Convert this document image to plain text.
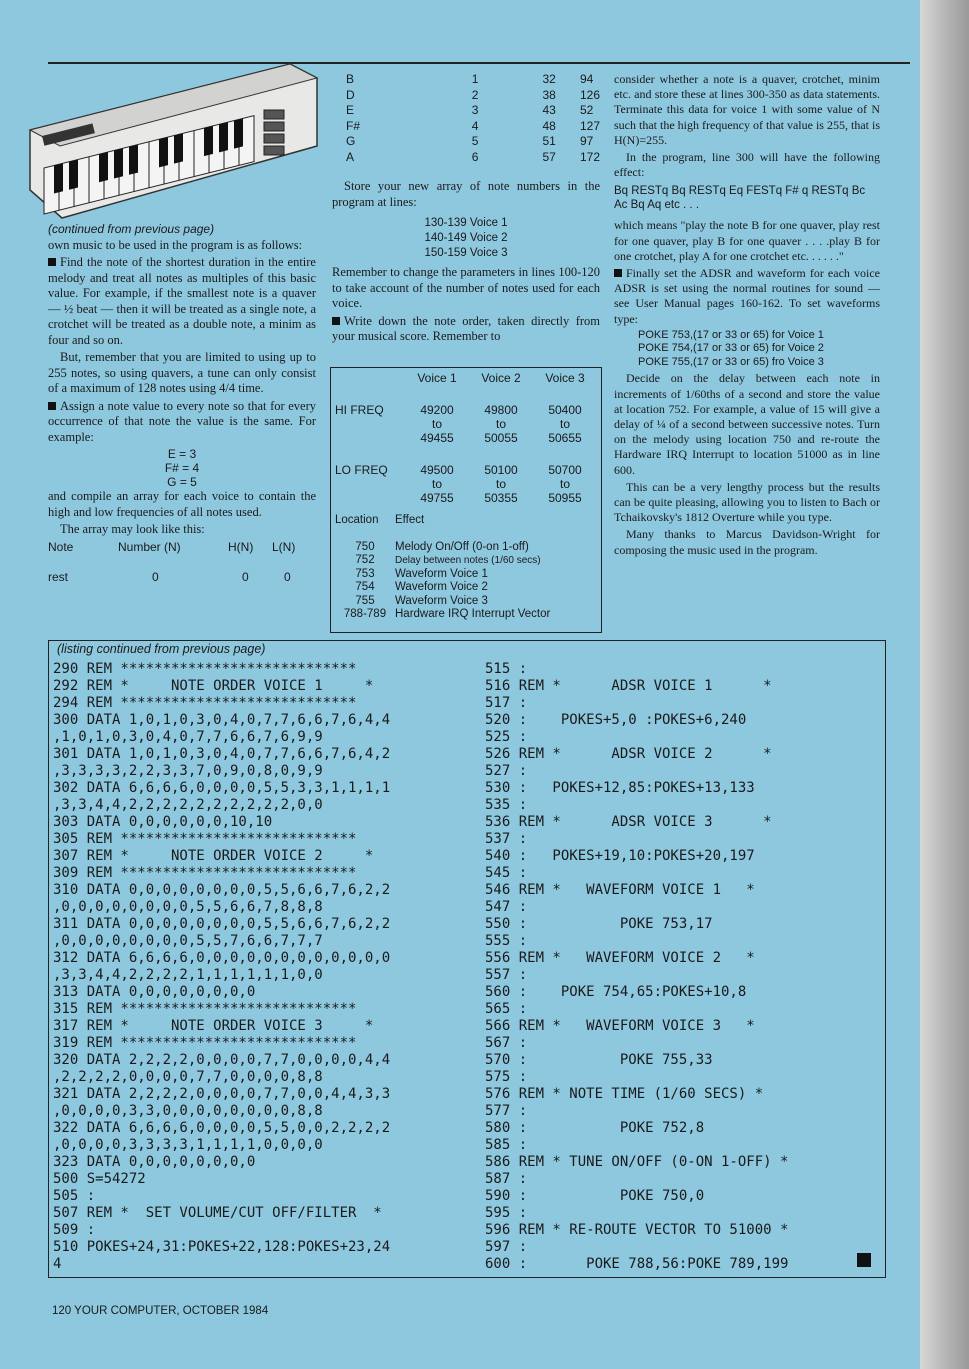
(continued from previous page)

own music to be used in the program is as follows:

Find the note of the shortest duration in the entire melody and treat all notes as multiples of this basic value. For example, if the smallest note is a quaver — ½ beat — then it will be treated as a single note, a crotchet will be treated as a double note, a minim as four and so on.

But, remember that you are limited to using up to 255 notes, so using quavers, a tune can only consist of a maximum of 128 notes using 4/4 time.

Assign a note value to every note so that for every occurrence of that note the value is the same. For example:

E = 3
F# = 4
G = 5

and compile an array for each voice to contain the high and low frequencies of all notes used.

The array may look like this:

Note	Number (N)	H(N)	L(N)
rest	0	0	0
B	1	32	94
D	2	38	126
E	3	43	52
F#	4	48	127
G	5	51	97
A	6	57	172

Store your new array of note numbers in the program at lines:

130-139 Voice 1
140-149 Voice 2
150-159 Voice 3

Remember to change the parameters in lines 100-120 to take account of the number of notes used for each voice.

Write down the note order, taken directly from your musical score. Remember to

	Voice 1	Voice 2	Voice 3

HI FREQ	49200	49800	50400
	to	to	to
	49455	50055	50655

LO FREQ	49500	50100	50700
	to	to	to
	49755	50355	50955
Location	Effect

750	Melody On/Off (0-on 1-off)
752	Delay between notes (1/60 secs)
753	Waveform Voice 1
754	Waveform Voice 2
755	Waveform Voice 3
788-789	Hardware IRQ Interrupt Vector

consider whether a note is a quaver, crotchet, minim etc. and store these at lines 300-350 as data statements. Terminate this data for voice 1 with some value of N such that the high frequency of that value is 255, that is H(N)=255.

In the program, line 300 will have the following effect:

Bq RESTq Bq RESTq Eq FESTq F# q RESTq Bc Ac Bq Aq etc . . .

which means "play the note B for one quaver, play rest for one quaver, play B for one quaver . . . .play B for one crotchet, play A for one crotchet etc. . . . . ."

Finally set the ADSR and waveform for each voice ADSR is set using the normal routines for sound — see User Manual pages 160-162. To set waveforms type:

POKE 753,(17 or 33 or 65) for Voice 1
POKE 754,(17 or 33 or 65) for Voice 2
POKE 755,(17 or 33 or 65) fro Voice 3

Decide on the delay between each note in increments of 1/60ths of a second and store the value at location 752. For example, a value of 15 will give a delay of ¼ of a second between successive notes. Turn on the melody using location 750 and re-route the Hardware IRQ Interrupt to location 51000 as in line 600.

This can be a very lengthy process but the results can be quite pleasing, allowing you to listen to Bach or Tchaikovsky's 1812 Overture while you type.

Many thanks to Marcus Davidson-Wright for composing the music used in the program.

(listing continued from previous page)
290 REM ****************************
292 REM *     NOTE ORDER VOICE 1     *
294 REM ****************************
300 DATA 1,0,1,0,3,0,4,0,7,7,6,6,7,6,4,4
,1,0,1,0,3,0,4,0,7,7,6,6,7,6,9,9
301 DATA 1,0,1,0,3,0,4,0,7,7,6,6,7,6,4,2
,3,3,3,3,2,2,3,3,7,0,9,0,8,0,9,9
302 DATA 6,6,6,6,0,0,0,0,5,5,3,3,1,1,1,1
,3,3,4,4,2,2,2,2,2,2,2,2,2,2,0,0
303 DATA 0,0,0,0,0,0,10,10
305 REM ****************************
307 REM *     NOTE ORDER VOICE 2     *
309 REM ****************************
310 DATA 0,0,0,0,0,0,0,0,5,5,6,6,7,6,2,2
,0,0,0,0,0,0,0,0,5,5,6,6,7,8,8,8
311 DATA 0,0,0,0,0,0,0,0,5,5,6,6,7,6,2,2
,0,0,0,0,0,0,0,0,5,5,7,6,6,7,7,7
312 DATA 6,6,6,6,0,0,0,0,0,0,0,0,0,0,0,0
,3,3,4,4,2,2,2,2,1,1,1,1,1,1,0,0
313 DATA 0,0,0,0,0,0,0,0
315 REM ****************************
317 REM *     NOTE ORDER VOICE 3     *
319 REM ****************************
320 DATA 2,2,2,2,0,0,0,0,7,7,0,0,0,0,4,4
,2,2,2,2,0,0,0,0,7,7,0,0,0,0,8,8
321 DATA 2,2,2,2,0,0,0,0,7,7,0,0,4,4,3,3
,0,0,0,0,3,3,0,0,0,0,0,0,0,0,8,8
322 DATA 6,6,6,6,0,0,0,0,5,5,0,0,2,2,2,2
,0,0,0,0,3,3,3,3,1,1,1,1,0,0,0,0
323 DATA 0,0,0,0,0,0,0,0
500 S=54272
505 :
507 REM *  SET VOLUME/CUT OFF/FILTER  *
509 :
510 POKES+24,31:POKES+22,128:POKES+23,24
4
515 :
516 REM *      ADSR VOICE 1      *
517 :
520 :    POKES+5,0 :POKES+6,240
525 :
526 REM *      ADSR VOICE 2      *
527 :
530 :   POKES+12,85:POKES+13,133
535 :
536 REM *      ADSR VOICE 3      *
537 :
540 :   POKES+19,10:POKES+20,197
545 :
546 REM *   WAVEFORM VOICE 1   *
547 :
550 :           POKE 753,17
555 :
556 REM *   WAVEFORM VOICE 2   *
557 :
560 :    POKE 754,65:POKES+10,8
565 :
566 REM *   WAVEFORM VOICE 3   *
567 :
570 :           POKE 755,33
575 :
576 REM * NOTE TIME (1/60 SECS) *
577 :
580 :           POKE 752,8
585 :
586 REM * TUNE ON/OFF (0-ON 1-OFF) *
587 :
590 :           POKE 750,0
595 :
596 REM * RE-ROUTE VECTOR TO 51000 *
597 :
600 :       POKE 788,56:POKE 789,199
120 YOUR COMPUTER, OCTOBER 1984
